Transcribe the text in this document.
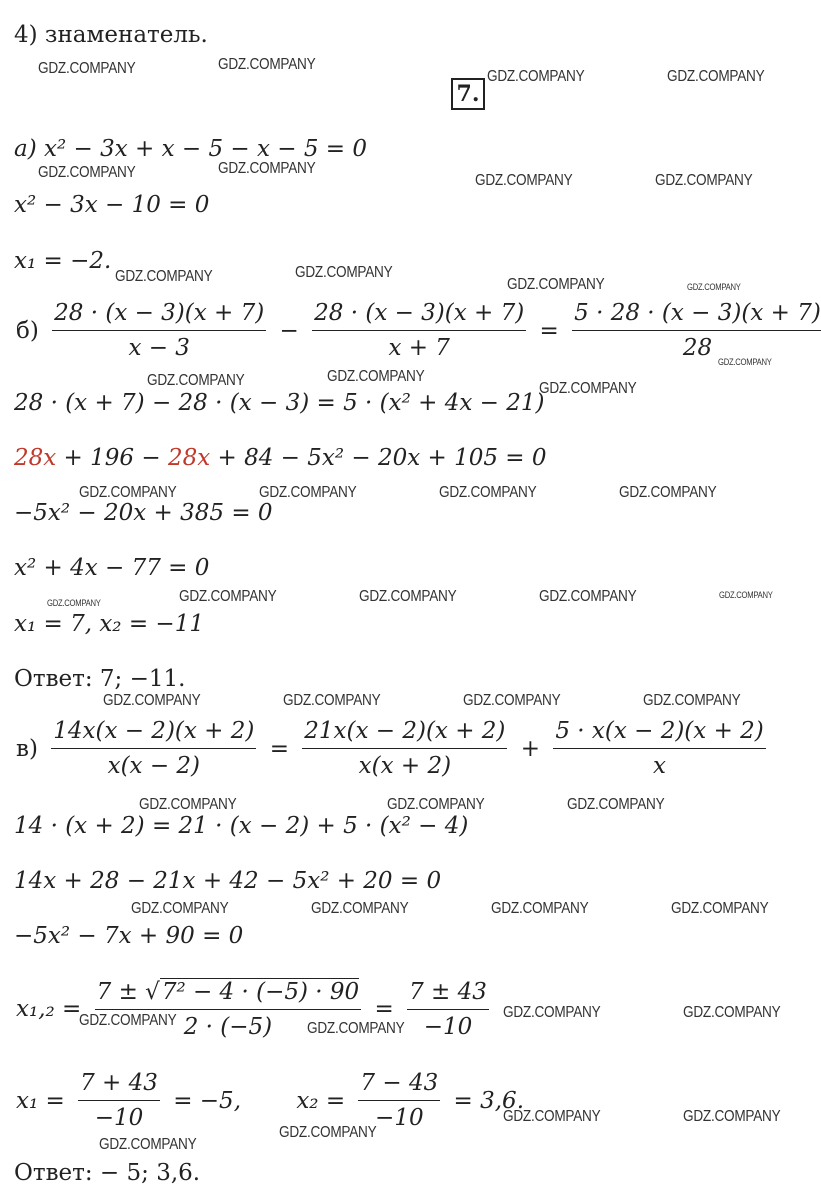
4) знаменатель.
7.
а) x² − 3x + x − 5 − x − 5 = 0
x² − 3x − 10 = 0
x₁ = −2.
$б) \frac{28 \cdot (x - 3)(x + 7)}{x - 3} - \frac{28 \cdot (x - 3)(x + 7)}{x + 7} = \frac{5 \cdot 28 \cdot (x - 3)(x + 7)}{28}$
28 · (x + 7) − 28 · (x − 3) = 5 · (x² + 4x − 21)
28x + 196 − 28x + 84 − 5x² − 20x + 105 = 0
−5x² − 20x + 385 = 0
x² + 4x − 77 = 0
x₁ = 7, x₂ = −11
Ответ: 7; −11.
$в) \frac{14x(x - 2)(x + 2)}{x(x - 2)} = \frac{21x(x - 2)(x + 2)}{x(x + 2)} + \frac{5 \cdot x(x - 2)(x + 2)}{x}$
14 · (x + 2) = 21 · (x − 2) + 5 · (x² − 4)
14x + 28 − 21x + 42 − 5x² + 20 = 0
−5x² − 7x + 90 = 0
$x_1,_2 = \frac{\text{7 ± √7² − 4 · (−5) · 90}}{2 \cdot (-5)} = \frac{7 \pm 43}{-10}$
$x_1 = \frac{7 + 43}{-10} = -5$, $x_2 = \frac{7 - 43}{-10} = 3,6$.
Ответ: − 5; 3,6.
GDZ.COMPANY	GDZ.COMPANY
GDZ.COMPANY	GDZ.COMPANY
GDZ.COMPANY	GDZ.COMPANY
GDZ.COMPANY	GDZ.COMPANY
GDZ.COMPANY	GDZ.COMPANY
GDZ.COMPANY	GDZ.COMPANY
GDZ.COMPANY
GDZ.COMPANY	GDZ.COMPANY
GDZ.COMPANY
GDZ.COMPANY	GDZ.COMPANY	GDZ.COMPANY	GDZ.COMPANY
GDZ.COMPANY	GDZ.COMPANY	GDZ.COMPANY	GDZ.COMPANY	GDZ.COMPANY
GDZ.COMPANY	GDZ.COMPANY	GDZ.COMPANY	GDZ.COMPANY
GDZ.COMPANY	GDZ.COMPANY	GDZ.COMPANY
GDZ.COMPANY	GDZ.COMPANY	GDZ.COMPANY	GDZ.COMPANY
GDZ.COMPANY	GDZ.COMPANY
GDZ.COMPANY	GDZ.COMPANY
GDZ.COMPANY	GDZ.COMPANY
GDZ.COMPANY
GDZ.COMPANY
